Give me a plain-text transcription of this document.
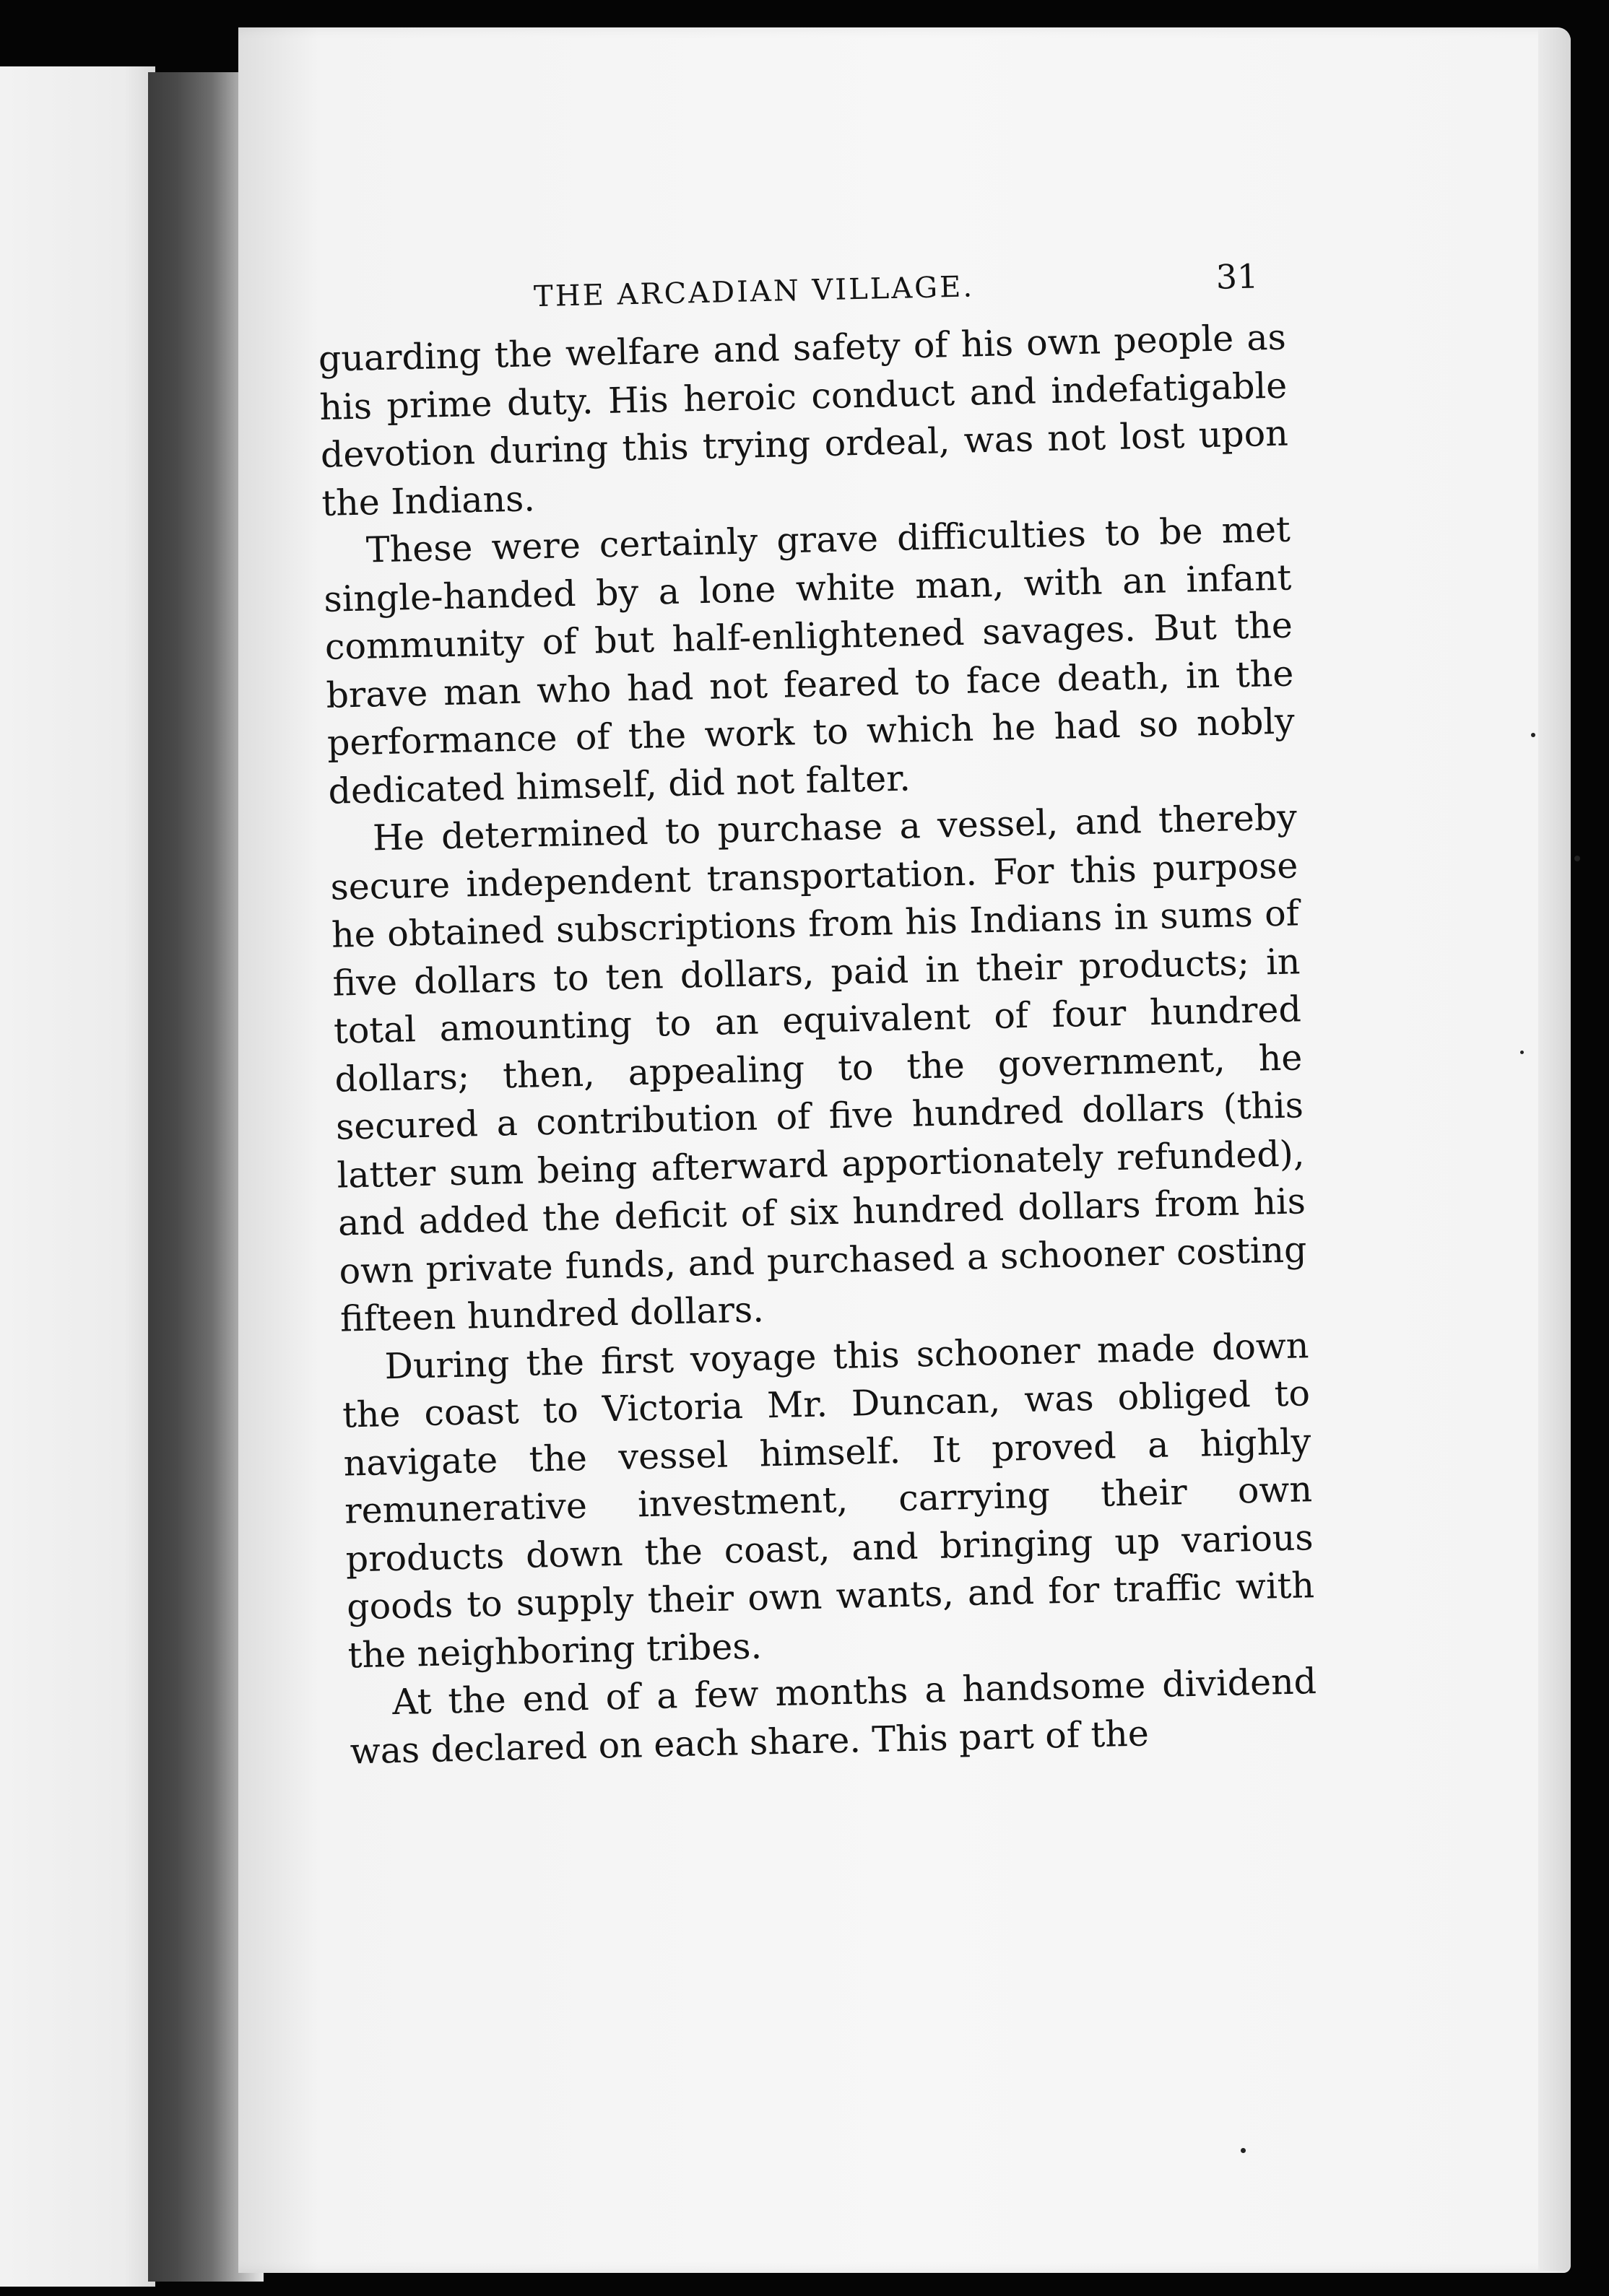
THE ARCADIAN VILLAGE.	31

guarding the welfare and safety of his own people as his prime duty. His heroic conduct and indefatigable devotion during this trying ordeal, was not lost upon the Indians.

These were certainly grave difficulties to be met single-handed by a lone white man, with an infant community of but half-enlightened savages. But the brave man who had not feared to face death, in the performance of the work to which he had so nobly dedicated himself, did not falter.

He determined to purchase a vessel, and thereby secure independent transportation. For this purpose he obtained subscriptions from his Indians in sums of five dollars to ten dollars, paid in their products; in total amounting to an equivalent of four hundred dollars; then, appealing to the government, he secured a contribution of five hundred dollars (this latter sum being afterward apportionately refunded), and added the deficit of six hundred dollars from his own private funds, and purchased a schooner costing fifteen hundred dollars.

During the first voyage this schooner made down the coast to Victoria Mr. Duncan, was obliged to navigate the vessel himself. It proved a highly remunerative investment, carrying their own products down the coast, and bringing up various goods to supply their own wants, and for traffic with the neighboring tribes.

At the end of a few months a handsome dividend was declared on each share. This part of the
